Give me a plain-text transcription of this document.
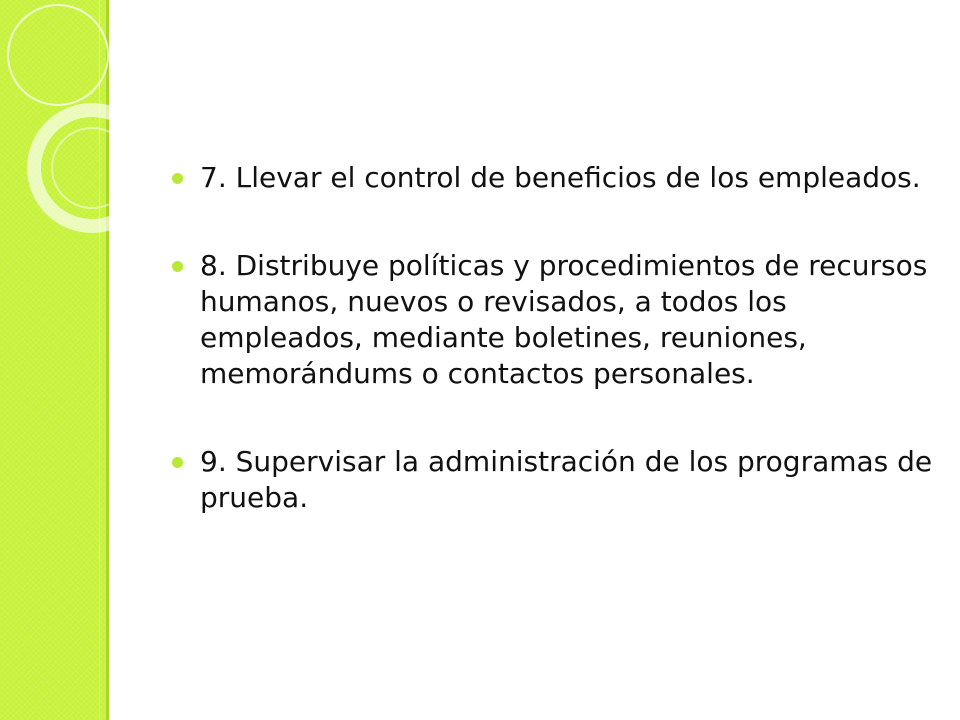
7. Llevar el control de beneficios de los empleados.
8. Distribuye políticas y procedimientos de recursos humanos, nuevos o revisados, a todos los empleados, mediante boletines, reuniones, memorándums o contactos personales.
9. Supervisar la administración de los programas de prueba.
